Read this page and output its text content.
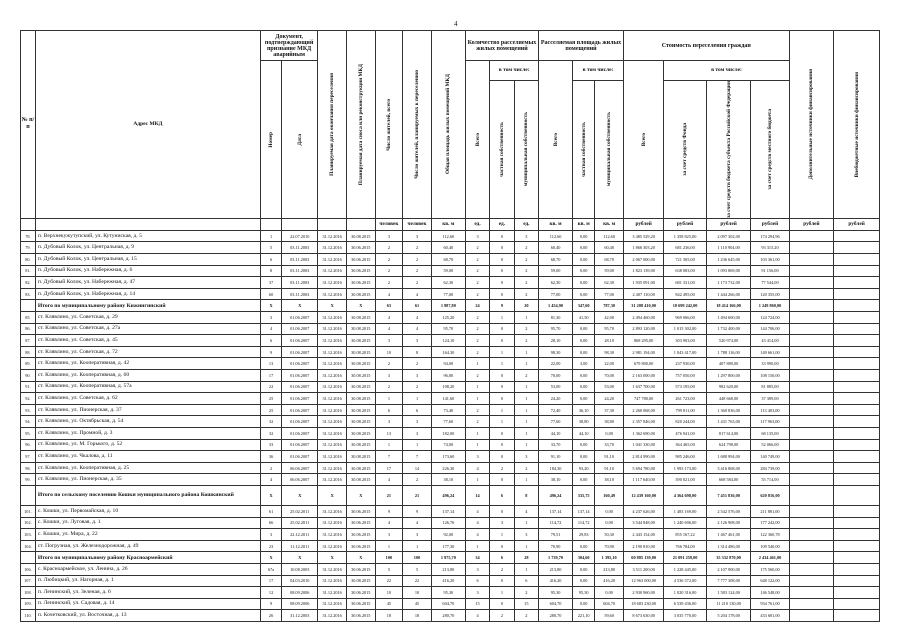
4
№ п/п	Адрес МКД	Документ, подтверждающий признание МКД аварийным		Планируемая дата окончания переселения	Планируемая дата сноса или реконструкции МКД	Число жителей, всего	Число жителей, планируемых к переселению	Общая площадь жилых помещений МКД	Количество расселяемых жилых помещений			Расселяемая площадь жилых помещений			Стоимость переселения граждан				Дополнительные источники финансирования	Внебюджетные источники финансирования

		Номер	Дата						Всего	в том числе:		Всего	в том числе:		Всего	в том числе:				

										частная собственность	муниципальная собственность		частная собственность	муниципальная собственность		за счет средств Фонда	за счет средств бюджета субъекта Российской Федерации	за счет средств местного бюджета		

						человек	человек	кв. м	ед.	ед.	ед.	кв. м	кв. м	кв. м	рублей	рублей	рублей	рублей	рублей	рублей
78.	п. Верхнекужутупский, ул. Кутуниская, д. 5	1	22.07.2010	31.12.2016	30.08.2015	3	3	112,60	3	0	3	112,60	0,00	112,60	3 485 529,20	1 358 825,00	2 097 302,00	174 294,96		
79.	п. Дубовый Колок, ул. Центральная, д. 9	5	03.11.2003	31.12.2016	30.06.2015	2	2	60,40	2	0	2	60,40	0,00	60,40	1 866 303,20	681 236,00	1 110 904,00	93 315,20		
80.	п. Дубовый Колок, ул. Центральная, д. 15	6	03.11.2003	31.12.2016	30.06.2015	2	2	68,70	2	0	2	68,70	0,00	68,70	2 067 000,00	721 305,00	1 236 645,00	103 361,00		
81.	п. Дубовый Колок, ул. Набережная, д. 6	8	03.11.2003	31.12.2016	30.06.2015	2	2	59,00	2	0	2	59,00	0,00	59,00	1 823 139,00	638 083,00	1 093 869,00	91 156,00		
82.	п. Дубовый Колок, ул. Набережная, д. 47	37	03.11.2003	31.12.2016	30.06.2015	2	2	62,30	2	0	2	62,30	0,00	62,30	1 935 091,00	681 331,00	1 173 732,00	77 544,00		
83.	п. Дубовый Колок, ул. Набережная, д. 14	60	03.11.2003	31.12.2016	30.08.2015	4	4	77,00	2	0	2	77,00	0,00	77,00	2 407 110,00	842 495,00	1 444 266,00	120 355,00		
	Итого по муниципальному району Кижингинский	X	X	X	X	63	61	1 987,80	24	9	20	1 454,90	347,60	787,30	31 208 410,00	10 699 242,00	18 414 166,00	1 249 860,00		
85.	ст. Клявлино, ул. Советская, д. 29	3	01.06.2007	31.12.2016	30.08.2015	4	4	125,20	2	1	1	81,30	41,50	42,00	2 494 460,00	969 066,00	1 494 600,00	124 724,00		
86.	ст. Клявлино, ул. Советская, д. 27а	4	01.06.2007	31.12.2016	30.08.2015	4	4	95,70	2	0	2	95,70	0,00	95,70	2 893 120,00	1 015 302,00	1 732 400,00	144 706,00		
87.	ст. Клявлино, ул. Советская, д. 45	6	01.06.2007	31.12.2016	30.08.2015	3	3	124,10	2	0	2	28,10	0,00	28,10	868 295,00	303 903,00	520 974,00	43 414,00		
88.	ст. Клявлино, ул. Советская, д. 72	9	01.06.2007	31.12.2016	30.08.2015	10	8	164,30	2	1	1	98,30	0,00	98,30	2 981 194,00	1 043 417,00	1 788 116,00	149 661,00		
89.	ст. Клявлино, ул. Кооперативная, д. 42	13	01.06.2007	31.12.2016	30.08.2015	2	2	94,00	1	1	1	22,00	3,00	22,00	679 800,00	237 930,00	407 880,00	33 990,00		
90.	ст. Клявлино, ул. Кооперативная, д. 60	17	01.06.2007	31.12.2016	30.08.2015	3	3	96,80	2	0	2	70,00	0,00	70,00	2 163 000,00	757 050,00	1 297 800,00	108 150,00		
91.	ст. Клявлино, ул. Кооперативная, д. 57а	22	01.06.2007	31.12.2016	30.08.2015	2	2	108,20	1	0	1	53,00	0,00	53,00	1 637 700,00	573 195,00	982 620,00	81 885,00		
92.	ст. Клявлино, ул. Советская, д. 62	25	01.06.2007	31.12.2016	30.08.2015	1	1	141,60	1	0	1	24,20	0,00	24,20	747 780,00	261 723,00	448 668,00	37 389,00		
93.	ст. Клявлино, ул. Пионерская, д. 37	25	01.06.2007	31.12.2016	30.08.2015	6	6	73,40	2	1	1	72,40	36,10	37,30	2 260 068,00	799 811,00	1 360 836,00	113 403,00		
94.	ст. Клявлино, ул. Октябрьская, д. 54	32	01.06.2007	31.12.2016	30.08.2015	3	3	77,60	2	1	1	77,60	38,80	38,80	2 357 846,00	820 244,00	1 431 763,00	117 963,00		
95.	ст. Клявлино, ул. Промной, д. 3	32	01.06.2007	31.12.2016	30.08.2015	13	3	182,00	1	0	1	44,10	44,10	0,00	1 362 690,00	476 941,00	817 614,00	68 135,00		
96.	ст. Клявлино, ул. М. Горького, д. 52	33	01.06.2007	31.12.2016	30.08.2015	1	1	74,00	1	0	1	33,70	0,00	33,70	1 041 330,00	364 465,00	624 798,00	52 066,00		
97.	ст. Клявлино, ул. Чкалова, д. 11	36	01.06.2007	31.12.2016	30.08.2015	7	7	173,60	3	0	3	91,10	0,00	91,10	2 814 990,00	985 246,00	1 688 994,00	140 749,00		
98.	ст. Клявлино, ул. Кооперативная, д. 25	2	06.06.2007	31.12.2016	30.08.2015	17	14	226,30	4	2	2	184,30	93,20	91,10	5 694 780,00	1 993 173,00	3 416 868,00	284 739,00		
99.	ст. Клявлино, ул. Пионерская, д. 35	4	06.06.2007	31.12.2016	30.08.2015	4	2	38,10	1	0	1	38,10	0,00	38,10	1 117 640,00	390 021,00	668 584,00	55 714,00		
	Итого по сельскому поселению Кошки муниципального района Кошкинский	X	X	X	X	21	21	496,24	14	6	8	496,24	335,75	160,49	12 439 160,00	4 364 698,00	7 451 836,00	620 816,00		
101.	с. Кошки, ул. Первомайская, д. 10	61	25.02.2011	31.12.2016	30.06.2015	9	9	137,14	4	0	4	137,14	137,14	0,00	4 237 626,00	1 483 169,00	2 542 576,00	211 881,00		
102.	с. Кошки, ул. Луговая, д. 1	66	25.02.2011	31.12.2016	30.06.2015	4	4	126,76	4	3	1	114,72	114,72	0,00	3 544 848,00	1 240 696,00	2 126 908,00	177 242,00		
103.	с. Кошки, ул. Мира, д. 22	3	22.12.2011	31.12.2016	30.06.2015	3	3	92,00	4	1	3	79,51	29,83	50,30	2 443 154,00	855 167,22	1 467 461,00	122 360,78		
104.	ст. Погрузная, ул. Железнодорожная, д. 49	23	11.12.2011	31.12.2016	30.06.2015	1	1	177,30	1	0	1	70,90	0,00	70,90	2 190 810,00	766 784,00	1 314 486,00	109 540,00		
	Итого по муниципальному району Красноармейский	X	X	X	X	100	100	1 975,70	34	6	28	1 739,70	304,60	1 395,10	60 885 139,00	21 091 259,00	35 332 870,00	2 434 461,00		
106.	с. Красноармейское, ул. Ленина, д. 26	67a	10.08.2003	31.12.2016	30.06.2015	5	5	213,80	3	2	1	213,80	0,00	213,80	3 511 200,00	1 228 445,00	2 107 900,00	175 560,00		
107.	п. Любицкий, ул. Нагорная, д. 1	17	04.03.2010	31.12.2016	30.08.2015	22	22	416,20	6	0	6	416,20	0,00	416,20	12 963 000,00	4 536 572,00	7 777 308,00	648 122,00		
108.	п. Ленинский, ул. Зеленая, д. 6	12	08.09.2006	31.12.2016	30.06.2015	10	10	95,30	3	1	2	95,30	95,30	0,00	2 930 960,00	1 020 316,00	1 583 124,00	146 548,00		
109.	п. Ленинский, ул. Садовая, д. 14	9	08.09.2006	31.12.2016	30.06.2015	45	45	604,70	15	0	15	604,70	0,00	604,70	18 683 230,00	6 539 436,00	11 210 130,00	934 761,00		
110.	п. Кочетковский, ул. Восточная, д. 13	26	31.12.2003	31.12.2016	30.06.2015	18	18	280,70	4	2	2	280,70	221,10	59,60	8 673 630,00	3 035 770,00	5 204 178,00	433 681,00		
